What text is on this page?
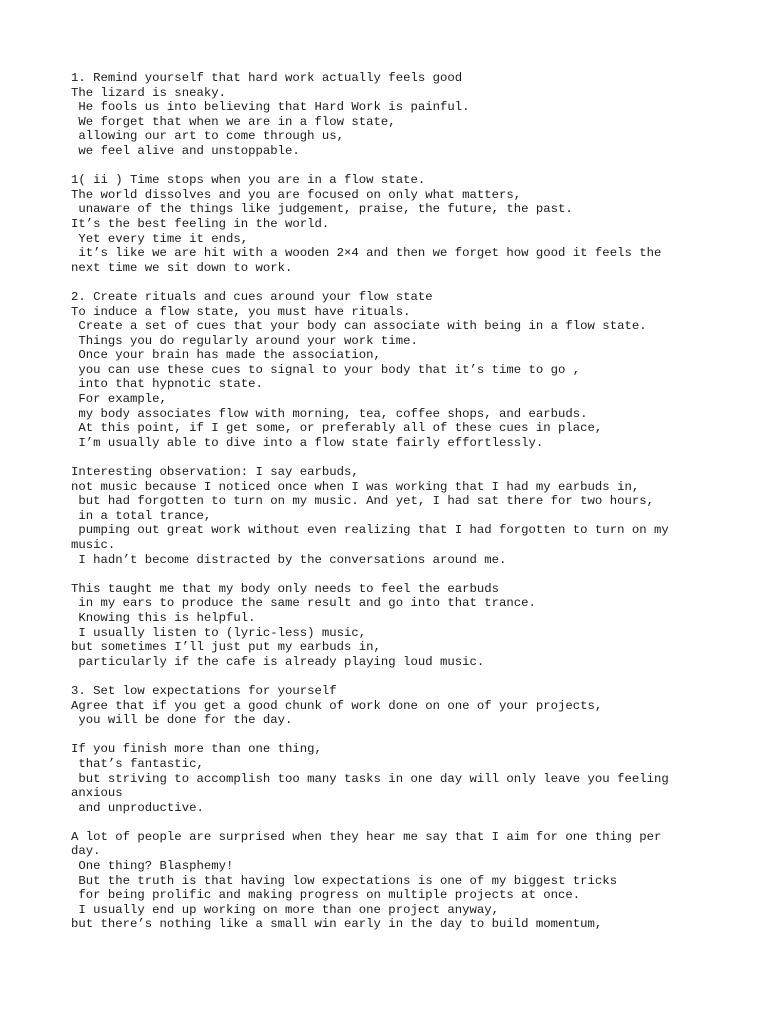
1. Remind yourself that hard work actually feels good
The lizard is sneaky.
He fools us into believing that Hard Work is painful.
We forget that when we are in a flow state,
allowing our art to come through us,
we feel alive and unstoppable.
1( ii ) Time stops when you are in a flow state.
The world dissolves and you are focused on only what matters,
unaware of the things like judgement, praise, the future, the past.
It’s the best feeling in the world.
Yet every time it ends,
it’s like we are hit with a wooden 2×4 and then we forget how good it feels the
next time we sit down to work.
2. Create rituals and cues around your flow state
To induce a flow state, you must have rituals.
Create a set of cues that your body can associate with being in a flow state.
Things you do regularly around your work time.
Once your brain has made the association,
you can use these cues to signal to your body that it’s time to go ,
into that hypnotic state.
For example,
my body associates flow with morning, tea, coffee shops, and earbuds.
At this point, if I get some, or preferably all of these cues in place,
I’m usually able to dive into a flow state fairly effortlessly.
Interesting observation: I say earbuds,
not music because I noticed once when I was working that I had my earbuds in,
but had forgotten to turn on my music. And yet, I had sat there for two hours,
in a total trance,
pumping out great work without even realizing that I had forgotten to turn on my
music.
I hadn’t become distracted by the conversations around me.
This taught me that my body only needs to feel the earbuds
in my ears to produce the same result and go into that trance.
Knowing this is helpful.
I usually listen to (lyric-less) music,
but sometimes I’ll just put my earbuds in,
particularly if the cafe is already playing loud music.
3. Set low expectations for yourself
Agree that if you get a good chunk of work done on one of your projects,
you will be done for the day.
If you finish more than one thing,
that’s fantastic,
but striving to accomplish too many tasks in one day will only leave you feeling
anxious
and unproductive.
A lot of people are surprised when they hear me say that I aim for one thing per
day.
One thing? Blasphemy!
But the truth is that having low expectations is one of my biggest tricks
for being prolific and making progress on multiple projects at once.
I usually end up working on more than one project anyway,
but there’s nothing like a small win early in the day to build momentum,
